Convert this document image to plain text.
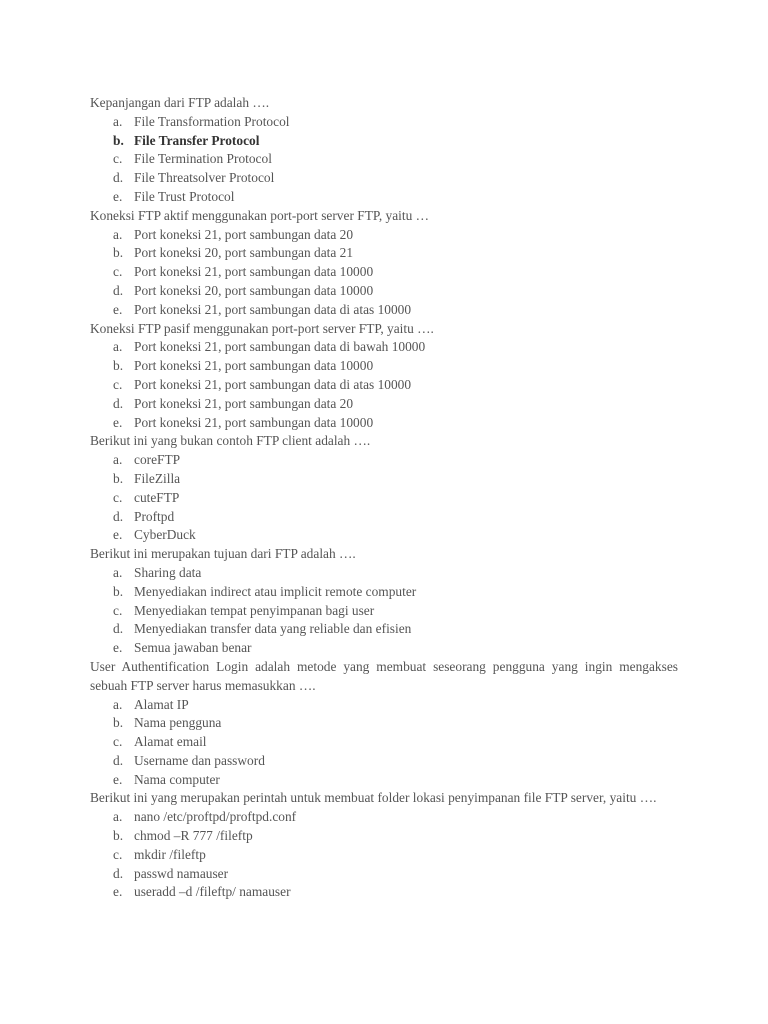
Kepanjangan dari FTP adalah ….
a. File Transformation Protocol
b. File Transfer Protocol
c. File Termination Protocol
d. File Threatsolver Protocol
e. File Trust Protocol
Koneksi FTP aktif menggunakan port-port server FTP, yaitu …
a. Port koneksi 21, port sambungan data 20
b. Port koneksi 20, port sambungan data 21
c. Port koneksi 21, port sambungan data 10000
d. Port koneksi 20, port sambungan data 10000
e. Port koneksi 21, port sambungan data di atas 10000
Koneksi FTP pasif menggunakan port-port server FTP, yaitu ….
a. Port koneksi 21, port sambungan data di bawah 10000
b. Port koneksi 21, port sambungan data 10000
c. Port koneksi 21, port sambungan data di atas 10000
d. Port koneksi 21, port sambungan data 20
e. Port koneksi 21, port sambungan data 10000
Berikut ini yang bukan contoh FTP client adalah ….
a. coreFTP
b. FileZilla
c. cuteFTP
d. Proftpd
e. CyberDuck
Berikut ini merupakan tujuan dari FTP adalah ….
a. Sharing data
b. Menyediakan indirect atau implicit remote computer
c. Menyediakan tempat penyimpanan bagi user
d. Menyediakan transfer data yang reliable dan efisien
e. Semua jawaban benar
User Authentification Login adalah metode yang membuat seseorang pengguna yang ingin mengakses sebuah FTP server harus memasukkan ….
a. Alamat IP
b. Nama pengguna
c. Alamat email
d. Username dan password
e. Nama computer
Berikut ini yang merupakan perintah untuk membuat folder lokasi penyimpanan file FTP server, yaitu ….
a. nano /etc/proftpd/proftpd.conf
b. chmod –R 777 /fileftp
c. mkdir /fileftp
d. passwd namauser
e. useradd –d /fileftp/ namauser
